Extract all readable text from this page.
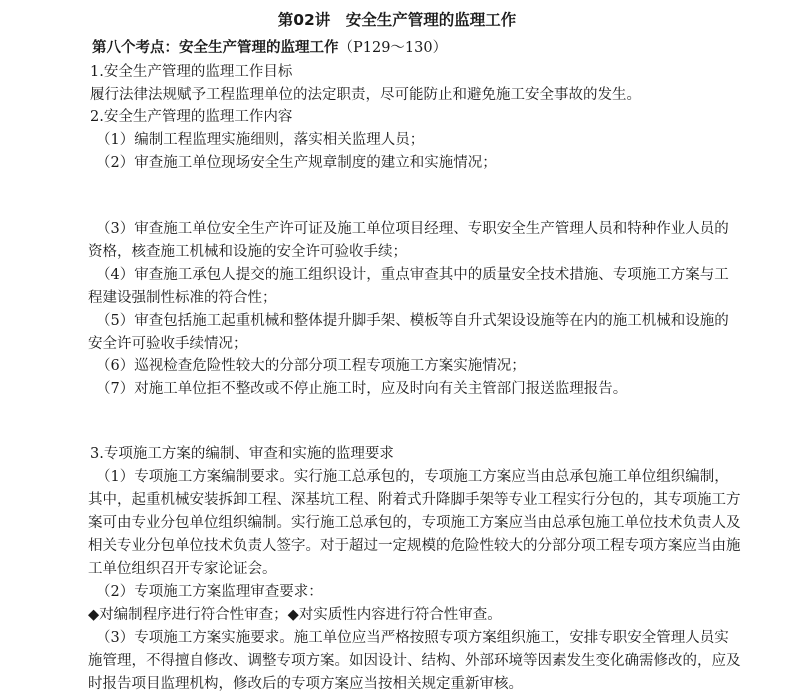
第02讲　安全生产管理的监理工作
第八个考点：安全生产管理的监理工作（P129～130）
1.安全生产管理的监理工作目标
履行法律法规赋予工程监理单位的法定职责，尽可能防止和避免施工安全事故的发生。
2.安全生产管理的监理工作内容
（1）编制工程监理实施细则，落实相关监理人员；
（2）审查施工单位现场安全生产规章制度的建立和实施情况；
（3）审查施工单位安全生产许可证及施工单位项目经理、专职安全生产管理人员和特种作业人员的
资格，核查施工机械和设施的安全许可验收手续；
（4）审查施工承包人提交的施工组织设计，重点审查其中的质量安全技术措施、专项施工方案与工
程建设强制性标准的符合性；
（5）审查包括施工起重机械和整体提升脚手架、模板等自升式架设设施等在内的施工机械和设施的
安全许可验收手续情况；
（6）巡视检查危险性较大的分部分项工程专项施工方案实施情况；
（7）对施工单位拒不整改或不停止施工时，应及时向有关主管部门报送监理报告。
3.专项施工方案的编制、审查和实施的监理要求
（1）专项施工方案编制要求。实行施工总承包的，专项施工方案应当由总承包施工单位组织编制，
其中，起重机械安装拆卸工程、深基坑工程、附着式升降脚手架等专业工程实行分包的，其专项施工方
案可由专业分包单位组织编制。实行施工总承包的，专项施工方案应当由总承包施工单位技术负责人及
相关专业分包单位技术负责人签字。对于超过一定规模的危险性较大的分部分项工程专项方案应当由施
工单位组织召开专家论证会。
（2）专项施工方案监理审查要求：
◆对编制程序进行符合性审查；◆对实质性内容进行符合性审查。
（3）专项施工方案实施要求。施工单位应当严格按照专项方案组织施工，安排专职安全管理人员实
施管理，不得擅自修改、调整专项方案。如因设计、结构、外部环境等因素发生变化确需修改的，应及
时报告项目监理机构，修改后的专项方案应当按相关规定重新审核。
